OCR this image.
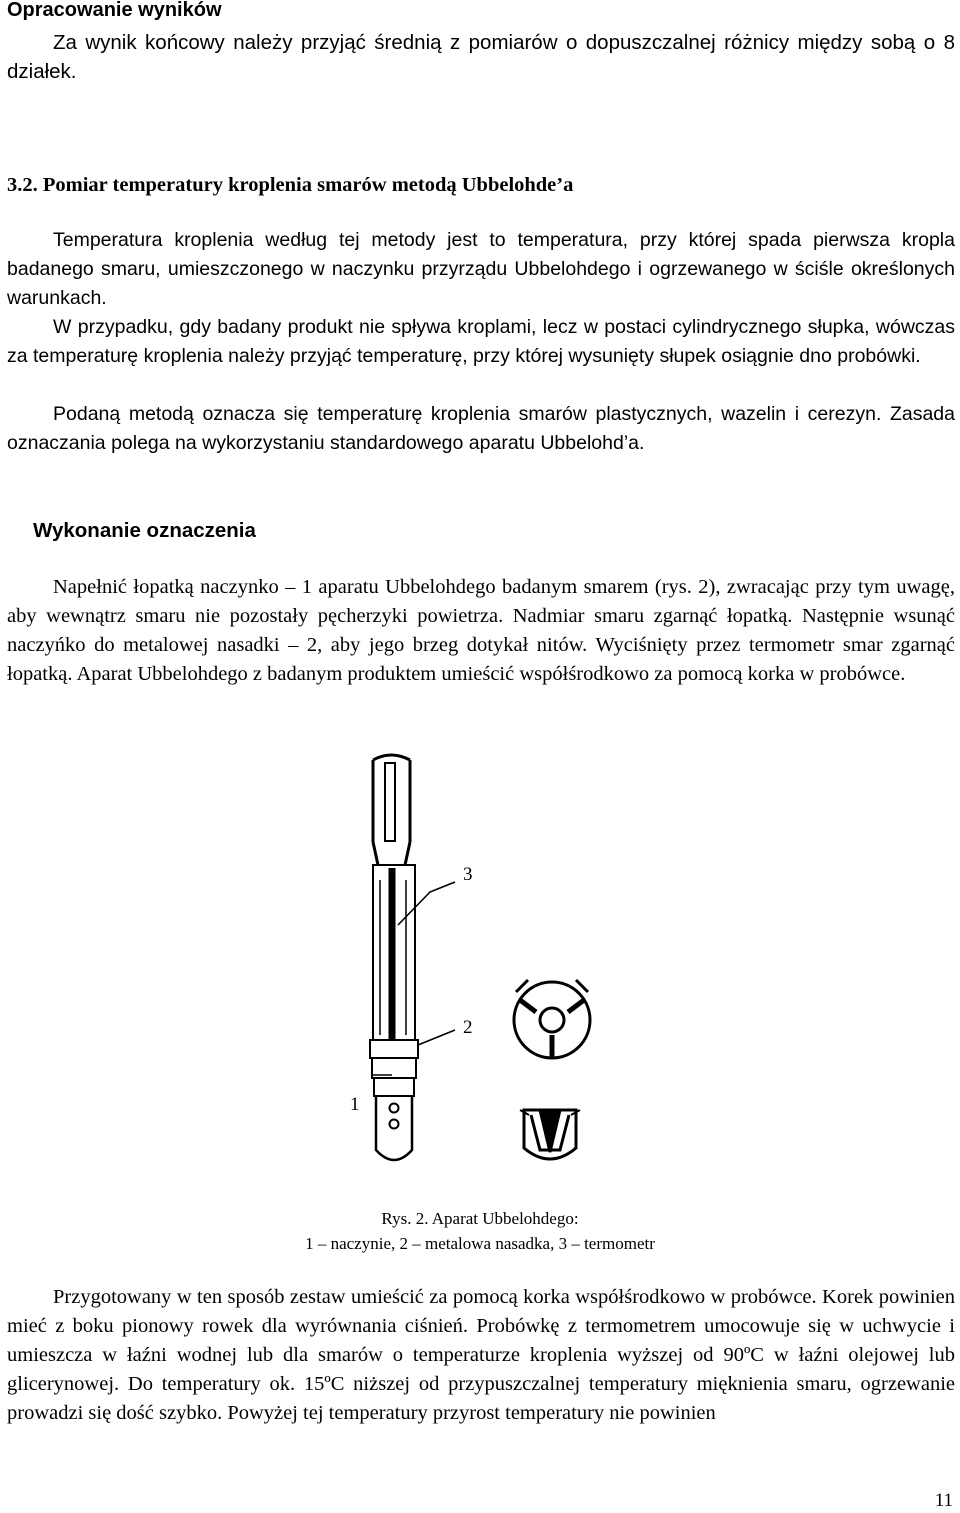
Opracowanie wyników

Za wynik końcowy należy przyjąć średnią z pomiarów o dopuszczalnej różnicy między sobą o 8 działek.

3.2. Pomiar temperatury kroplenia smarów metodą Ubbelohde’a

Temperatura kroplenia według tej metody jest to temperatura, przy której spada pierwsza kropla badanego smaru, umieszczonego w naczynku przyrządu Ubbelohdego i ogrzewanego w ściśle określonych warunkach.

W przypadku, gdy badany produkt nie spływa kroplami, lecz w postaci cylindrycznego słupka, wówczas za temperaturę kroplenia należy przyjąć temperaturę, przy której wysunięty słupek osiągnie dno probówki.

Podaną metodą oznacza się temperaturę kroplenia smarów plastycznych, wazelin i cerezyn. Zasada oznaczania polega na wykorzystaniu standardowego aparatu Ubbelohd’a.

Wykonanie oznaczenia

Napełnić łopatką naczynko – 1 aparatu Ubbelohdego badanym smarem (rys. 2), zwracając przy tym uwagę, aby wewnątrz smaru nie pozostały pęcherzyki powietrza. Nadmiar smaru zgarnąć łopatką. Następnie wsunąć naczyńko do metalowej nasadki – 2, aby jego brzeg dotykał nitów. Wyciśnięty przez termometr smar zgarnąć łopatką. Aparat Ubbelohdego z badanym produktem umieścić współśrodkowo za pomocą korka w probówce.

3
2
1
Rys. 2. Aparat Ubbelohdego:
1 – naczynie, 2 – metalowa nasadka, 3 – termometr

Przygotowany w ten sposób zestaw umieścić za pomocą korka współśrodkowo w probówce. Korek powinien mieć z boku pionowy rowek dla wyrównania ciśnień. Probówkę z termometrem umocowuje się w uchwycie i umieszcza w łaźni wodnej lub dla smarów o temperaturze kroplenia wyższej od 90ºC w łaźni olejowej lub glicerynowej. Do temperatury ok. 15ºC niższej od przypuszczalnej temperatury mięknienia smaru, ogrzewanie prowadzi się dość szybko. Powyżej tej temperatury przyrost temperatury nie powinien

11
